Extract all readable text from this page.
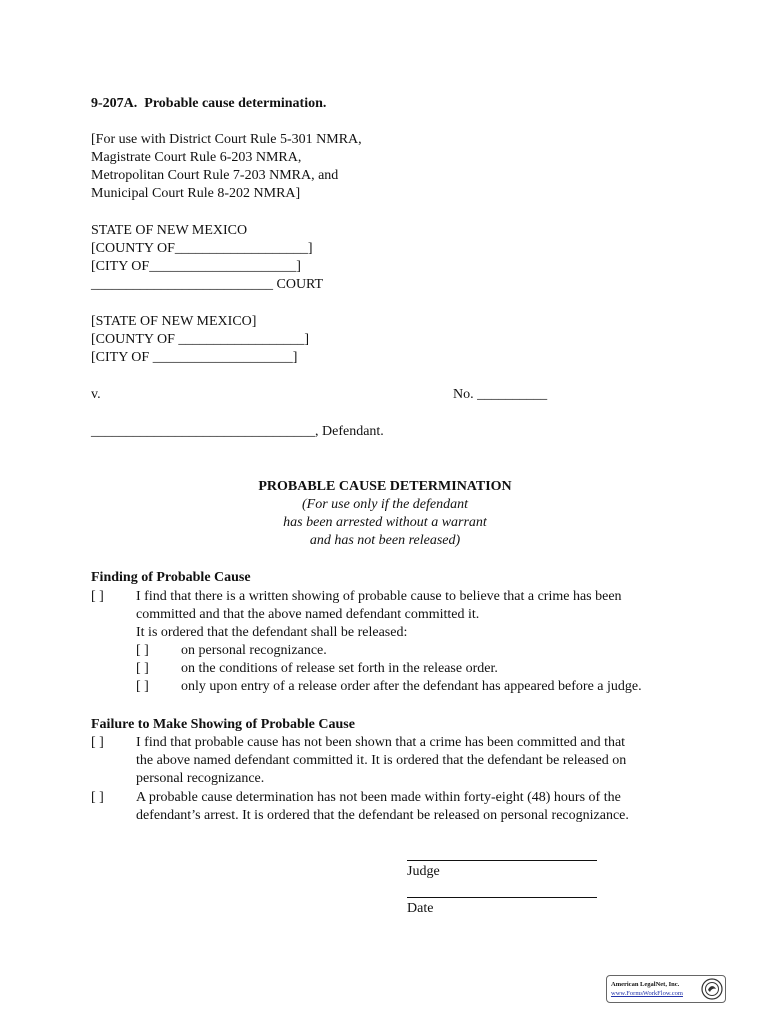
9-207A.  Probable cause determination.
[For use with District Court Rule 5-301 NMRA,
Magistrate Court Rule 6-203 NMRA,
Metropolitan Court Rule 7-203 NMRA, and
Municipal Court Rule 8-202 NMRA]
STATE OF NEW MEXICO
[COUNTY OF___________________]
[CITY OF_____________________]
__________________________ COURT
[STATE OF NEW MEXICO]
[COUNTY OF __________________]
[CITY OF ____________________]
v.	No. __________
________________________________, Defendant.
PROBABLE CAUSE DETERMINATION
(For use only if the defendant
has been arrested without a warrant
and has not been released)
Finding of Probable Cause
[ ] I find that there is a written showing of probable cause to believe that a crime has been
committed and that the above named defendant committed it.
It is ordered that the defendant shall be released:
[ ] on personal recognizance.
[ ] on the conditions of release set forth in the release order.
[ ] only upon entry of a release order after the defendant has appeared before a judge.
Failure to Make Showing of Probable Cause
[ ] I find that probable cause has not been shown that a crime has been committed and that
the above named defendant committed it. It is ordered that the defendant be released on
personal recognizance.
[ ] A probable cause determination has not been made within forty-eight (48) hours of the
defendant’s arrest. It is ordered that the defendant be released on personal recognizance.
Judge
Date
American LegalNet, Inc.
www.FormsWorkFlow.com
